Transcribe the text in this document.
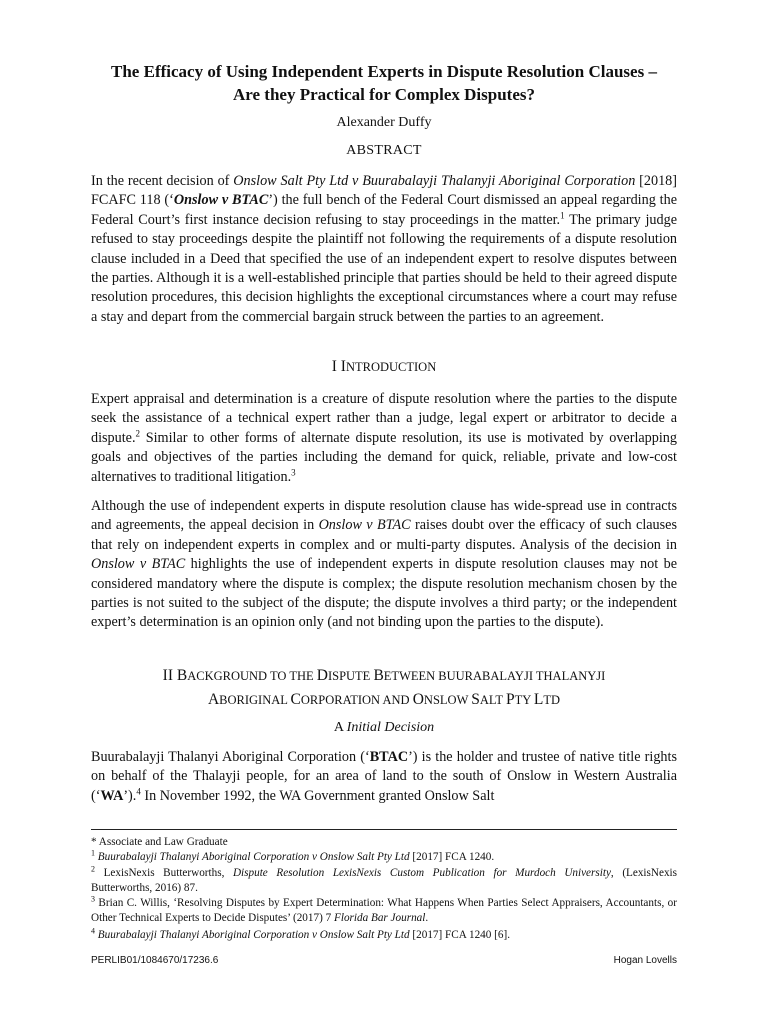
The Efficacy of Using Independent Experts in Dispute Resolution Clauses –
Are they Practical for Complex Disputes?
Alexander Duffy
ABSTRACT

In the recent decision of Onslow Salt Pty Ltd v Buurabalayji Thalanyji Aboriginal Corporation [2018] FCAFC 118 (‘Onslow v BTAC’) the full bench of the Federal Court dismissed an appeal regarding the Federal Court’s first instance decision refusing to stay proceedings in the matter.$^1$ The primary judge refused to stay proceedings despite the plaintiff not following the requirements of a dispute resolution clause included in a Deed that specified the use of an independent expert to resolve disputes between the parties. Although it is a well-established principle that parties should be held to their agreed dispute resolution procedures, this decision highlights the exceptional circumstances where a court may refuse a stay and depart from the commercial bargain struck between the parties to an agreement.

I INTRODUCTION

Expert appraisal and determination is a creature of dispute resolution where the parties to the dispute seek the assistance of a technical expert rather than a judge, legal expert or arbitrator to decide a dispute.$^2$ Similar to other forms of alternate dispute resolution, its use is motivated by overlapping goals and objectives of the parties including the demand for quick, reliable, private and low-cost alternatives to traditional litigation.$^3$

Although the use of independent experts in dispute resolution clause has wide-spread use in contracts and agreements, the appeal decision in Onslow v BTAC raises doubt over the efficacy of such clauses that rely on independent experts in complex and or multi-party disputes. Analysis of the decision in Onslow v BTAC highlights the use of independent experts in dispute resolution clauses may not be considered mandatory where the dispute is complex; the dispute resolution mechanism chosen by the parties is not suited to the subject of the dispute; the dispute involves a third party; or the independent expert’s determination is an opinion only (and not binding upon the parties to the dispute).

II BACKGROUND TO THE DISPUTE BETWEEN BUURABALAYJI THALANYJI
ABORIGINAL CORPORATION AND ONSLOW SALT PTY LTD
A Initial Decision

Buurabalayji Thalanyi Aboriginal Corporation (‘BTAC’) is the holder and trustee of native title rights on behalf of the Thalayji people, for an area of land to the south of Onslow in Western Australia (‘WA’).$^4$ In November 1992, the WA Government granted Onslow Salt

* Associate and Law Graduate

$^1$ Buurabalayji Thalanyi Aboriginal Corporation v Onslow Salt Pty Ltd [2017] FCA 1240.

$^2$ LexisNexis Butterworths, Dispute Resolution LexisNexis Custom Publication for Murdoch University, (LexisNexis Butterworths, 2016) 87.

$^3$ Brian C. Willis, ‘Resolving Disputes by Expert Determination: What Happens When Parties Select Appraisers, Accountants, or Other Technical Experts to Decide Disputes’ (2017) 7 Florida Bar Journal.

$^4$ Buurabalayji Thalanyi Aboriginal Corporation v Onslow Salt Pty Ltd [2017] FCA 1240 [6].

PERLIB01/1084670/17236.6	Hogan Lovells
